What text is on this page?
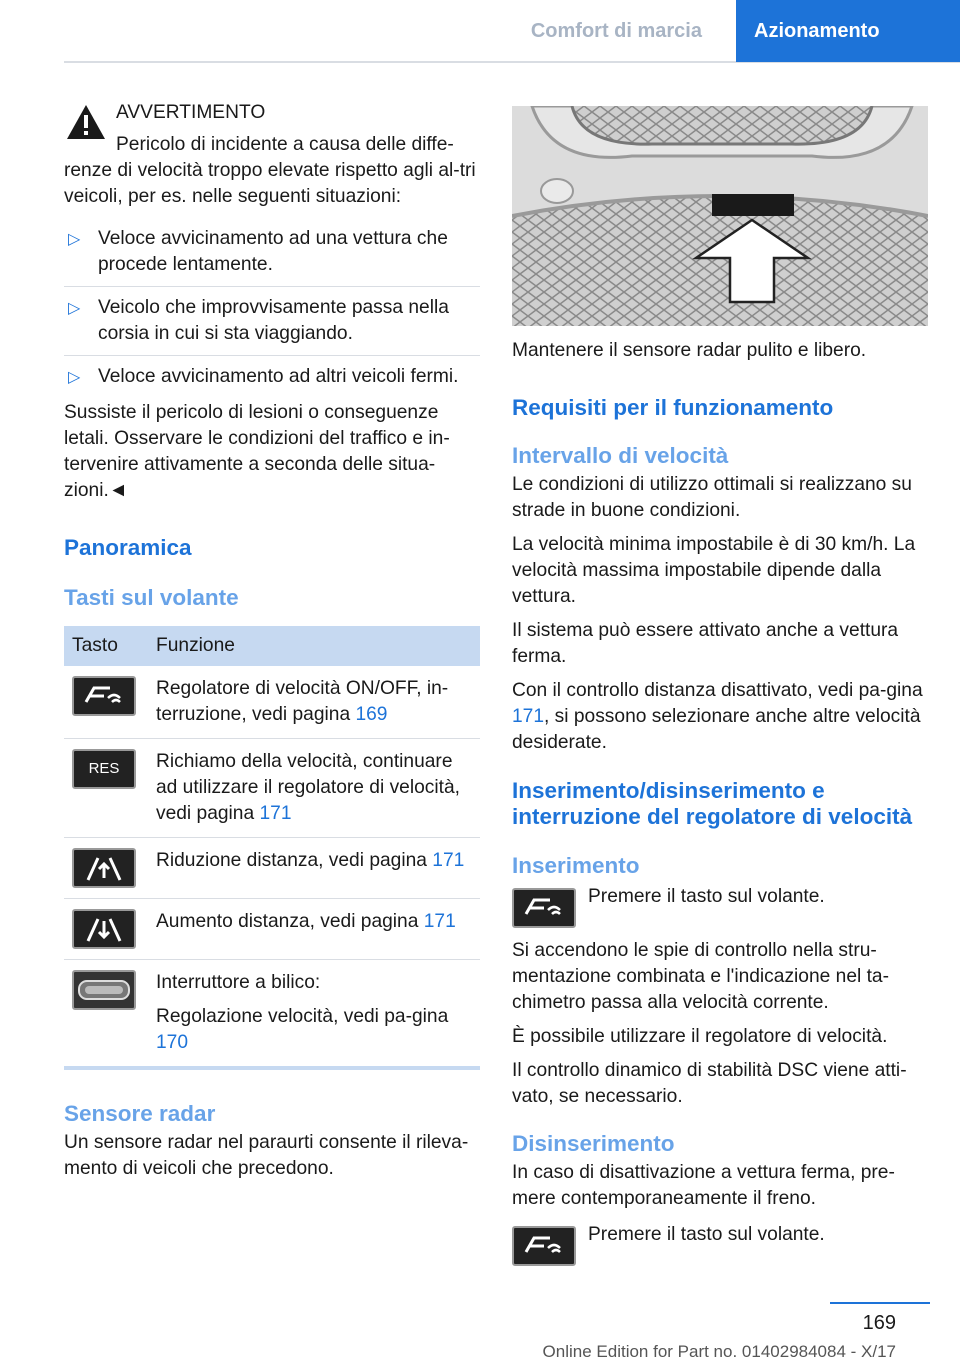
Comfort di marcia	Azionamento

AVVERTIMENTO

Pericolo di incidente a causa delle diffe-

renze di velocità troppo elevate rispetto agli al-tri veicoli, per es. nelle seguenti situazioni:

▷ Veloce avvicinamento ad una vettura che procede lentamente.
▷ Veicolo che improvvisamente passa nella corsia in cui si sta viaggiando.
▷ Veloce avvicinamento ad altri veicoli fermi.

Sussiste il pericolo di lesioni o conseguenze letali. Osservare le condizioni del traffico e in-tervenire attivamente a seconda delle situa-zioni.◄

Panoramica
Tasti sul volante
Tasto	Funzione

	Regolatore di velocità ON/OFF, in-terruzione, vedi pagina 169

RES	Richiamo della velocità, continuare ad utilizzare il regolatore di velocità, vedi pagina 171

	Riduzione distanza, vedi pagina 171

	Aumento distanza, vedi pagina 171

Interruttore a bilico:
Regolazione velocità, vedi pa-gina 170
Sensore radar

Un sensore radar nel paraurti consente il rileva-mento di veicoli che precedono.

Mantenere il sensore radar pulito e libero.

Requisiti per il funzionamento
Intervallo di velocità

Le condizioni di utilizzo ottimali si realizzano su strade in buone condizioni.

La velocità minima impostabile è di 30 km/h. La velocità massima impostabile dipende dalla vettura.

Il sistema può essere attivato anche a vettura ferma.

Con il controllo distanza disattivato, vedi pa-gina 171, si possono selezionare anche altre velocità desiderate.

Inserimento/disinserimento e interruzione del regolatore di velocità
Inserimento

Premere il tasto sul volante.

Si accendono le spie di controllo nella stru-mentazione combinata e l'indicazione nel ta-chimetro passa alla velocità corrente.

È possibile utilizzare il regolatore di velocità.

Il controllo dinamico di stabilità DSC viene atti-vato, se necessario.

Disinserimento

In caso di disattivazione a vettura ferma, pre-mere contemporaneamente il freno.

Premere il tasto sul volante.

169
Online Edition for Part no. 01402984084 - X/17
